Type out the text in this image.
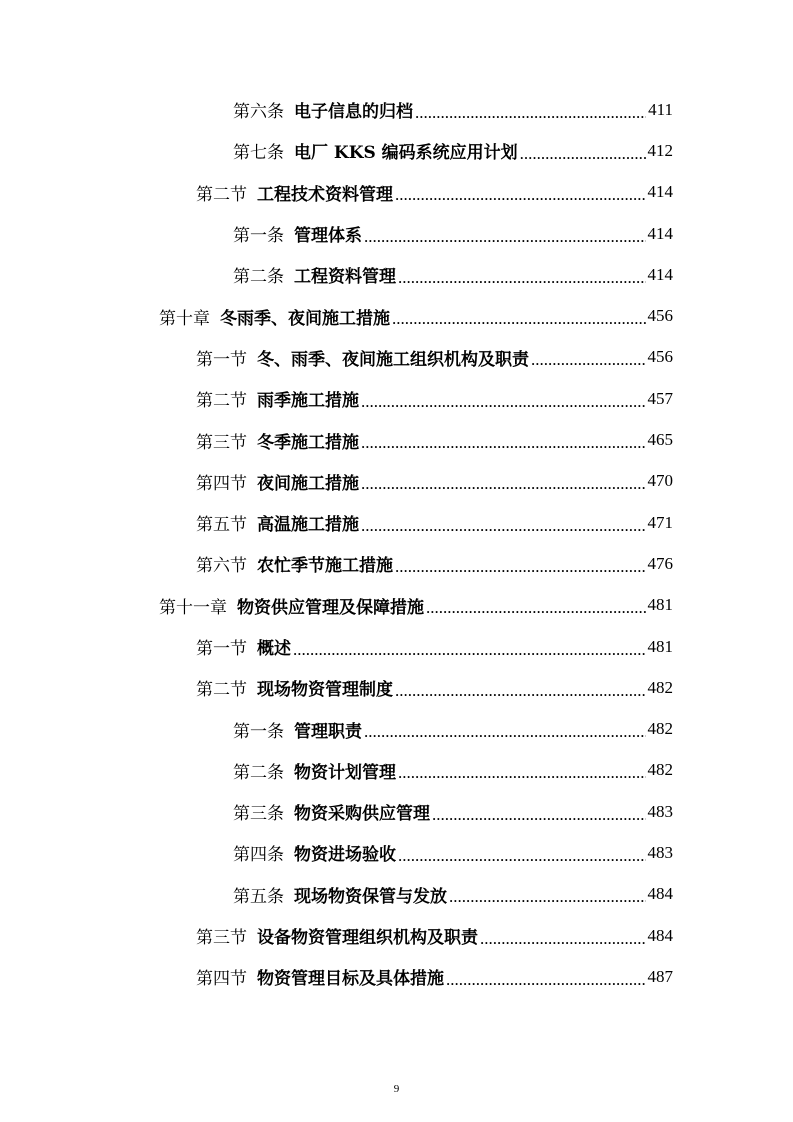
第六条 电子信息的归档 .....	411
第七条 电厂 KKS 编码系统应用计划 .....	412
第二节 工程技术资料管理 .....	414
第一条 管理体系 .....	414
第二条 工程资料管理 .....	414
第十章 冬雨季、夜间施工措施 .....	456
第一节 冬、雨季、夜间施工组织机构及职责 .....	456
第二节 雨季施工措施 .....	457
第三节 冬季施工措施 .....	465
第四节 夜间施工措施 .....	470
第五节 高温施工措施 .....	471
第六节 农忙季节施工措施 .....	476
第十一章 物资供应管理及保障措施 .....	481
第一节 概述 .....	481
第二节 现场物资管理制度 .....	482
第一条 管理职责 .....	482
第二条 物资计划管理 .....	482
第三条 物资采购供应管理 .....	483
第四条 物资进场验收 .....	483
第五条 现场物资保管与发放 .....	484
第三节 设备物资管理组织机构及职责 .....	484
第四节 物资管理目标及具体措施 .....	487
9
